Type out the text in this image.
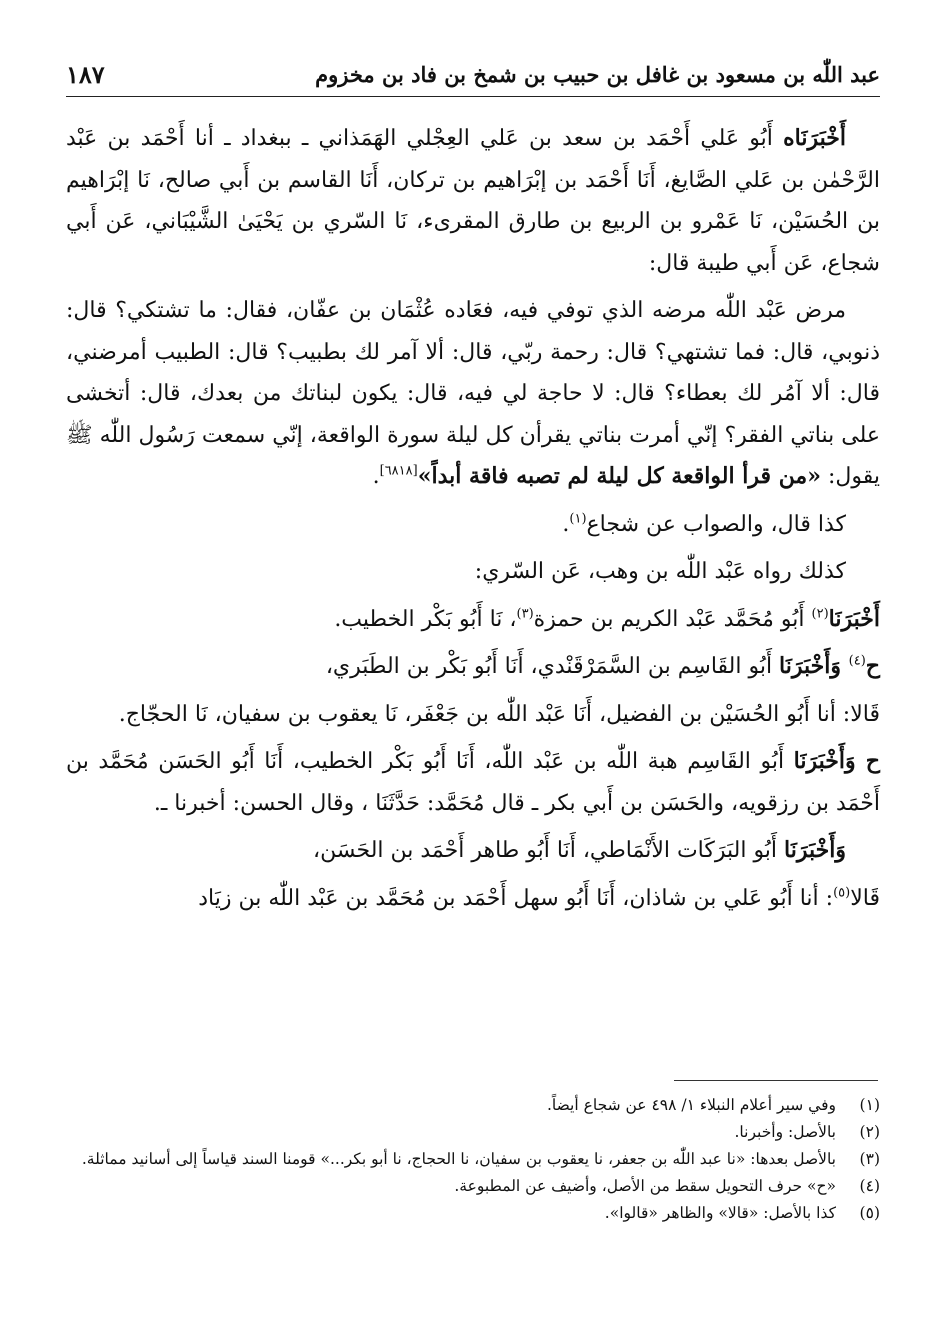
عبد اللّٰه بن مسعود بن غافل بن حبيب بن شمخ بن فاد بن مخزوم
١٨٧

أَخْبَرَنَاه أَبُو عَلي أَحْمَد بن سعد بن عَلي العِجْلي الهَمَذاني ـ ببغداد ـ أنا أَحْمَد بن عَبْد الرَّحْمٰن بن عَلي الصَّايغ، أَنَا أَحْمَد بن إبْرَاهيم بن تركان، أَنَا القاسم بن أَبي صالح، نَا إبْرَاهيم بن الحُسَيْن، نَا عَمْرو بن الربيع بن طارق المقرىء، نَا السّري بن يَحْيَىٰ الشَّيْبَاني، عَن أَبي شجاع، عَن أَبي طيبة قال:

مرض عَبْد اللّٰه مرضه الذي توفي فيه، فعَاده عُثْمَان بن عفّان، فقال: ما تشتكي؟ قال: ذنوبي، قال: فما تشتهي؟ قال: رحمة ربّي، قال: ألا آمر لك بطبيب؟ قال: الطبيب أمرضني، قال: ألا آمُر لك بعطاء؟ قال: لا حاجة لي فيه، قال: يكون لبناتك من بعدك، قال: أتخشى على بناتي الفقر؟ إنّي أمرت بناتي يقرأن كل ليلة سورة الواقعة، إنّي سمعت رَسُول اللّٰه ﷺ يقول: «من قرأ الواقعة كل ليلة لم تصبه فاقة أبداً»[٦٨١٨].

كذا قال، والصواب عن شجاع$^{(١)}$.

كذلك رواه عَبْد اللّٰه بن وهب، عَن السّري:

أَخْبَرَنَا$^{(٢)}$ أَبُو مُحَمَّد عَبْد الكريم بن حمزة$^{(٣)}$، نَا أَبُو بَكْر الخطيب.

ح$^{(٤)}$ وَأَخْبَرَنَا أَبُو القَاسِم بن السَّمَرْقَنْدي، أَنَا أَبُو بَكْر بن الطَبَري،

قَالا: أنا أَبُو الحُسَيْن بن الفضيل، أَنَا عَبْد اللّٰه بن جَعْفَر، نَا يعقوب بن سفيان، نَا الحجّاج.

ح وَأَخْبَرَنَا أَبُو القَاسِم هبة اللّٰه بن عَبْد اللّٰه، أَنَا أَبُو بَكْر الخطيب، أَنَا أَبُو الحَسَن مُحَمَّد بن أَحْمَد بن رزقويه، والحَسَن بن أَبي بكر ـ قال مُحَمَّد: حَدَّثَنَا ، وقال الحسن: أخبرنا ـ.

وَأَخْبَرَنَا أَبُو البَرَكَات الأَنْمَاطي، أَنَا أَبُو طاهر أَحْمَد بن الحَسَن،

قَالا$^{(٥)}$: أنا أَبُو عَلي بن شاذان، أَنَا أَبُو سهل أَحْمَد بن مُحَمَّد بن عَبْد اللّٰه بن زيَاد

(١)
وفي سير أعلام النبلاء ١/ ٤٩٨ عن شجاع أيضاً.
(٢)
بالأصل: وأخبرنا.
(٣)
بالأصل بعدها: «نا عبد اللّٰه بن جعفر، نا يعقوب بن سفيان، نا الحجاج، نا أبو بكر...» قومنا السند قياساً إلى أسانيد مماثلة.
(٤)
«ح» حرف التحويل سقط من الأصل، وأضيف عن المطبوعة.
(٥)
كذا بالأصل: «قالا» والظاهر «قالوا».
